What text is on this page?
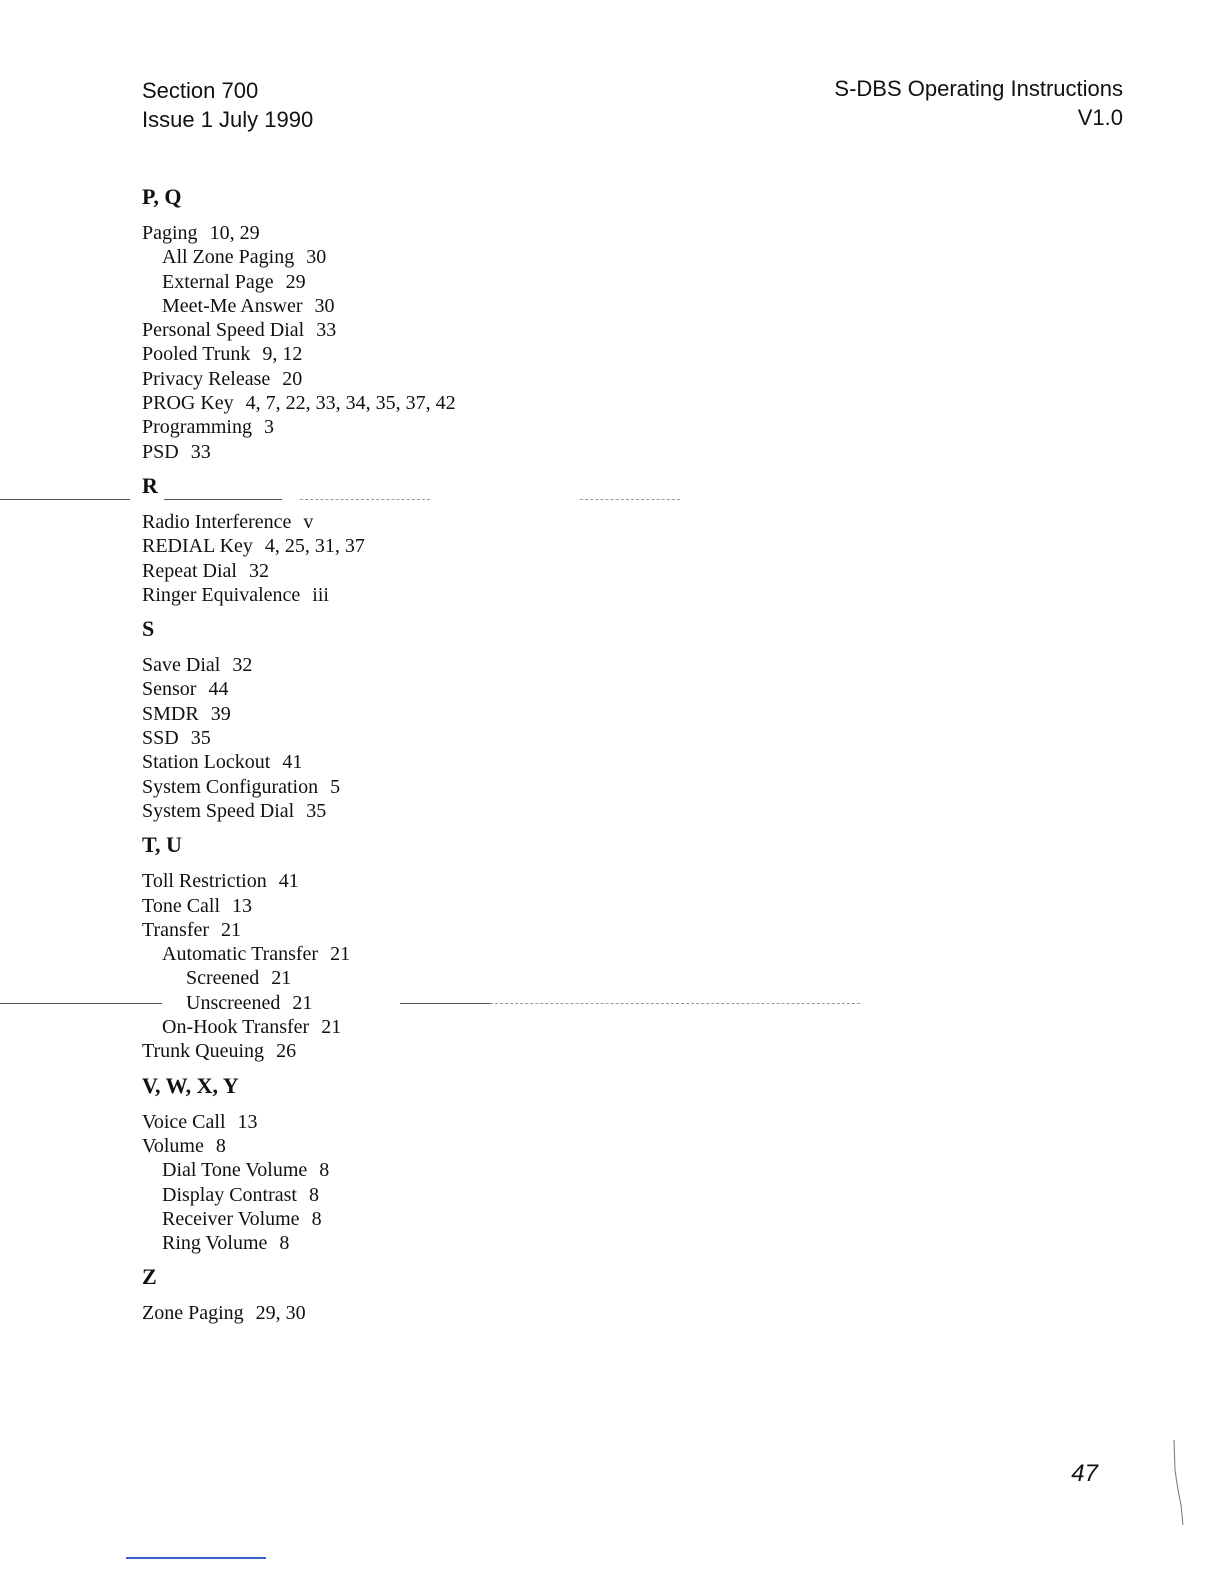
Section 700
Issue 1 July 1990
S-DBS Operating Instructions
V1.0
P, Q
Paging 10, 29
All Zone Paging 30
External Page 29
Meet-Me Answer 30
Personal Speed Dial 33
Pooled Trunk 9, 12
Privacy Release 20
PROG Key 4, 7, 22, 33, 34, 35, 37, 42
Programming 3
PSD 33
R
Radio Interference v
REDIAL Key 4, 25, 31, 37
Repeat Dial 32
Ringer Equivalence iii
S
Save Dial 32
Sensor 44
SMDR 39
SSD 35
Station Lockout 41
System Configuration 5
System Speed Dial 35
T, U
Toll Restriction 41
Tone Call 13
Transfer 21
Automatic Transfer 21
Screened 21
Unscreened 21
On-Hook Transfer 21
Trunk Queuing 26
V, W, X, Y
Voice Call 13
Volume 8
Dial Tone Volume 8
Display Contrast 8
Receiver Volume 8
Ring Volume 8
Z
Zone Paging 29, 30
47
